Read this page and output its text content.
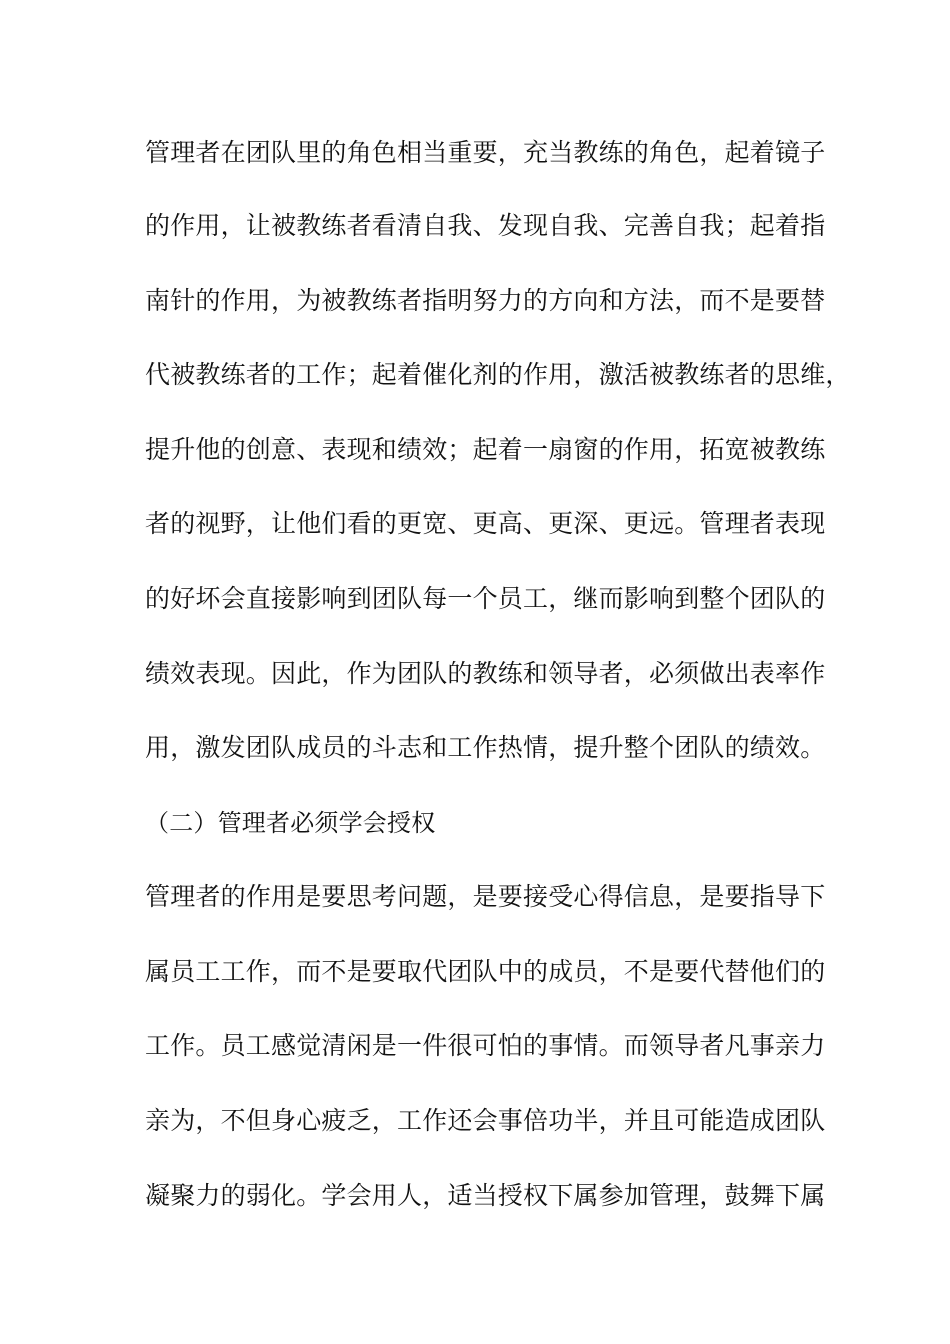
管理者在团队里的角色相当重要，充当教练的角色，起着镜子
的作用，让被教练者看清自我、发现自我、完善自我；起着指
南针的作用，为被教练者指明努力的方向和方法，而不是要替
代被教练者的工作；起着催化剂的作用，激活被教练者的思维，
提升他的创意、表现和绩效；起着一扇窗的作用，拓宽被教练
者的视野，让他们看的更宽、更高、更深、更远。管理者表现
的好坏会直接影响到团队每一个员工，继而影响到整个团队的
绩效表现。因此，作为团队的教练和领导者，必须做出表率作
用，激发团队成员的斗志和工作热情，提升整个团队的绩效。
（二）管理者必须学会授权
管理者的作用是要思考问题，是要接受心得信息，是要指导下
属员工工作，而不是要取代团队中的成员，不是要代替他们的
工作。员工感觉清闲是一件很可怕的事情。而领导者凡事亲力
亲为，不但身心疲乏，工作还会事倍功半，并且可能造成团队
凝聚力的弱化。学会用人，适当授权下属参加管理，鼓舞下属
